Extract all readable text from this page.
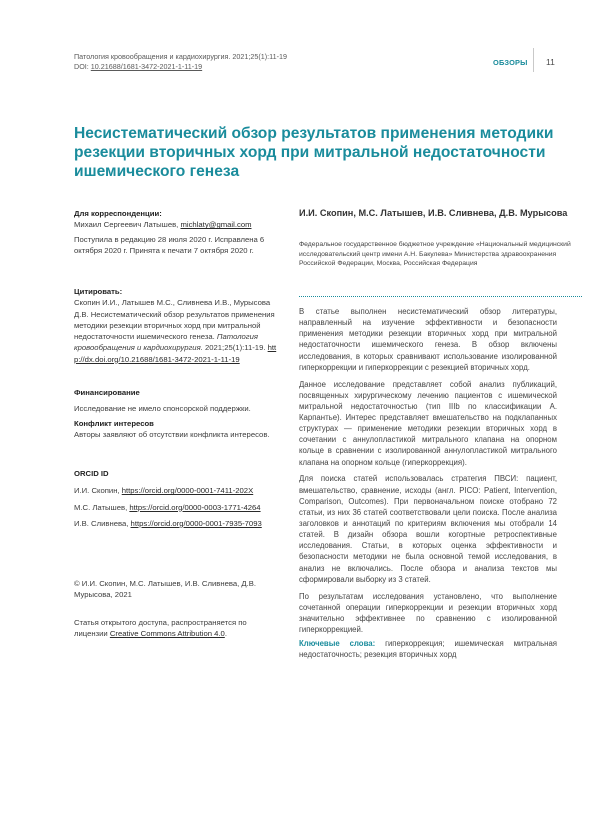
Патология кровообращения и кардиохирургия. 2021;25(1):11-19
DOI: 10.21688/1681-3472-2021-1-11-19	ОБЗОРЫ 11
Несистематический обзор результатов применения методики резекции вторичных хорд при митральной недостаточности ишемического генеза
Для корреспонденции:
Михаил Сергеевич Латышев, michlaty@gmail.com
Поступила в редакцию 28 июля 2020 г. Исправлена 6 октября 2020 г. Принята к печати 7 октября 2020 г.
Цитировать:
Скопин И.И., Латышев М.С., Сливнева И.В., Мурысова Д.В. Несистематический обзор результатов применения методики резекции вторичных хорд при митральной недостаточности ишемического генеза. Патология кровообращения и кардиохирургия. 2021;25(1):11-19. http://dx.doi.org/10.21688/1681-3472-2021-1-11-19
Финансирование
Исследование не имело спонсорской поддержки.
Конфликт интересов
Авторы заявляют об отсутствии конфликта интересов.
ORCID ID
И.И. Скопин, https://orcid.org/0000-0001-7411-202X
М.С. Латышев, https://orcid.org/0000-0003-1771-4264
И.В. Сливнева, https://orcid.org/0000-0001-7935-7093
© И.И. Скопин, М.С. Латышев, И.В. Сливнева, Д.В. Мурысова, 2021
Статья открытого доступа, распространяется по лицензии Creative Commons Attribution 4.0.
И.И. Скопин, М.С. Латышев, И.В. Сливнева, Д.В. Мурысова
Федеральное государственное бюджетное учреждение «Национальный медицинский исследовательский центр имени А.Н. Бакулева» Министерства здравоохранения Российской Федерации, Москва, Российская Федерация

В статье выполнен несистематический обзор литературы, направленный на изучение эффективности и безопасности применения методики резекции вторичных хорд при митральной недостаточности ишемического генеза. В обзор включены исследования, в которых сравнивают использование изолированной гиперкоррекции и гиперкоррекции с резекцией вторичных хорд.

Данное исследование представляет собой анализ публикаций, посвященных хирургическому лечению пациентов с ишемической митральной недостаточностью (тип IIIb по классификации А. Карпантье). Интерес представляет вмешательство на подклапанных структурах — применение методики резекции вторичных хорд в сочетании с аннулопластикой митрального клапана на опорном кольце в сравнении с изолированной аннулопластикой митрального клапана на опорном кольце (гиперкоррекция).

Для поиска статей использовалась стратегия ПВСИ: пациент, вмешательство, сравнение, исходы (англ. PICO: Patient, Intervention, Comparison, Outcomes). При первоначальном поиске отобрано 72 статьи, из них 36 статей соответствовали цели поиска. После анализа заголовков и аннотаций по критериям включения мы отобрали 14 статей. В дизайн обзора вошли когортные ретроспективные исследования. Статьи, в которых оценка эффективности и безопасности методики не была основной темой исследования, в анализ не включались. После обзора и анализа текстов мы сформировали выборку из 3 статей.

По результатам исследования установлено, что выполнение сочетанной операции гиперкоррекции и резекции вторичных хорд значительно эффективнее по сравнению с изолированной гиперкоррекцией.

Ключевые слова: гиперкоррекция; ишемическая митральная недостаточность; резекция вторичных хорд
